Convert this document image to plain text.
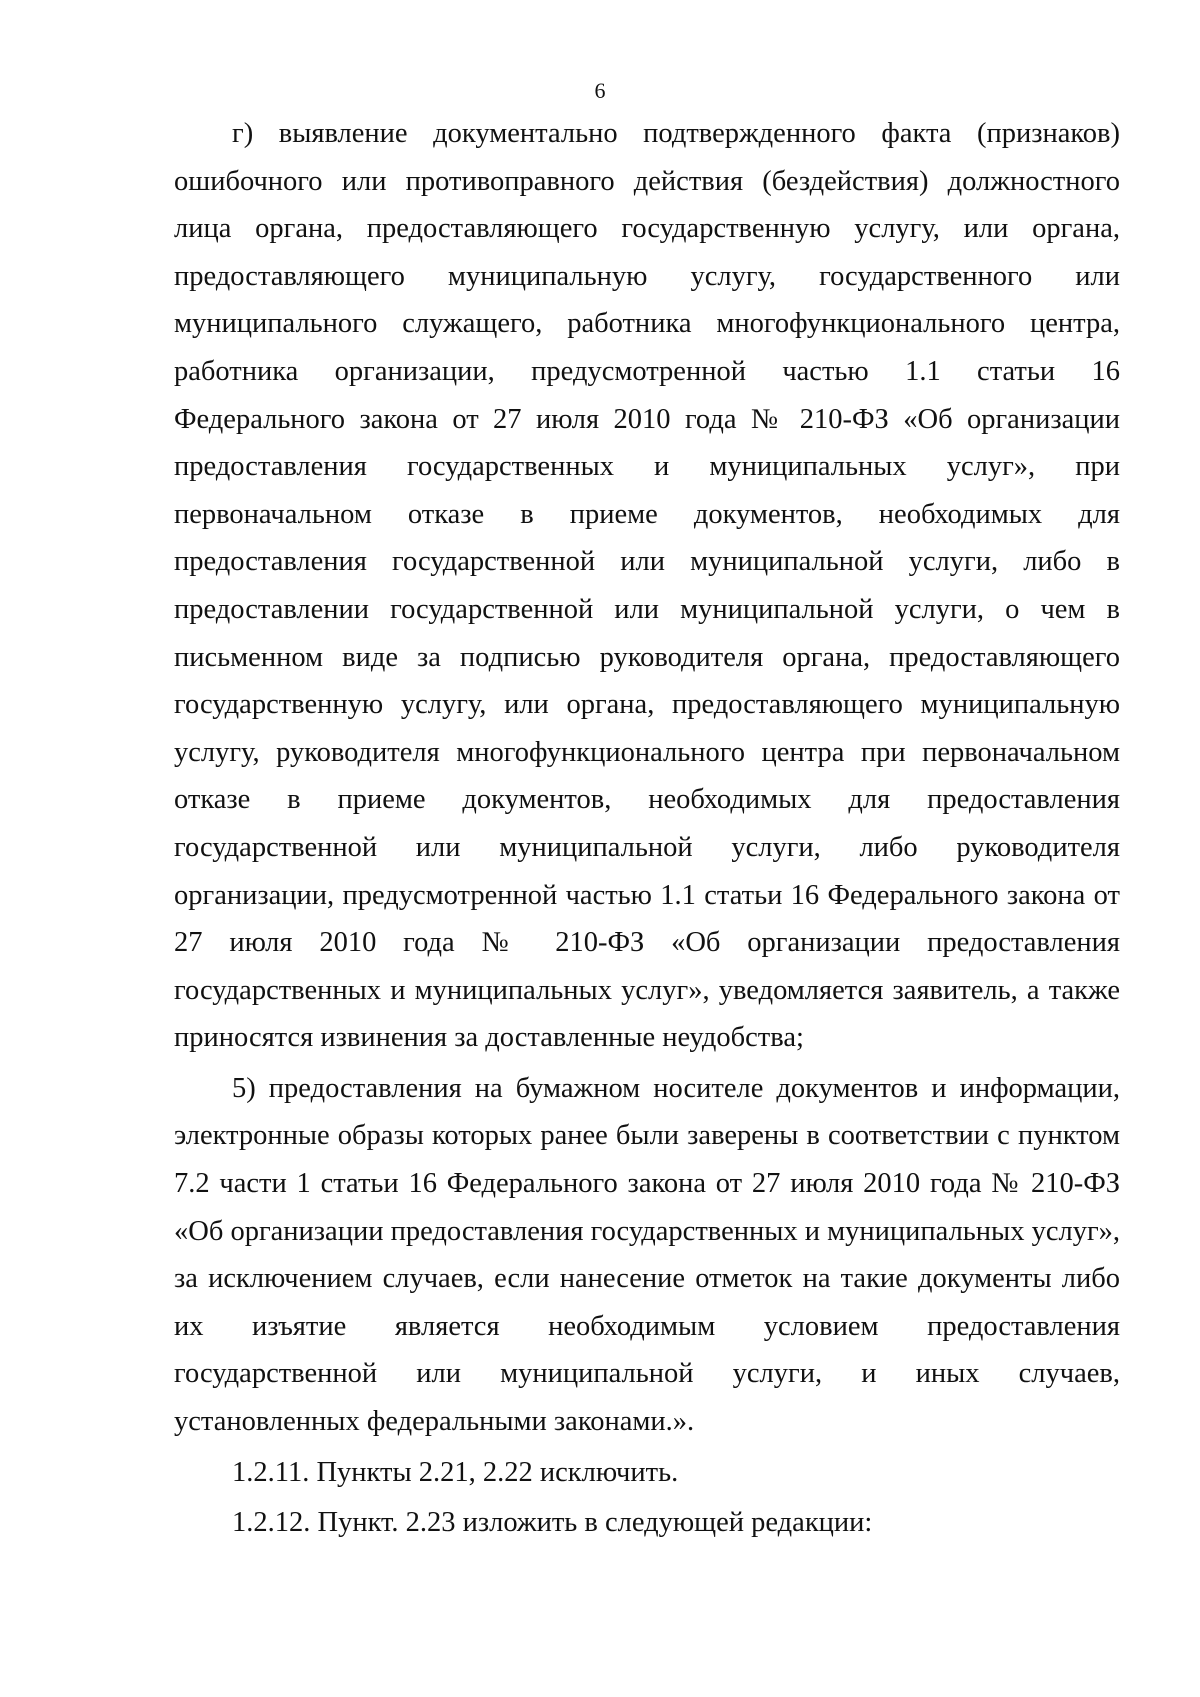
6

г) выявление документально подтвержденного факта (признаков) ошибочного или противоправного действия (бездействия) должностного лица органа, предоставляющего государственную услугу, или органа, предоставляющего муниципальную услугу, государственного или муниципального служащего, работника многофункционального центра, работника организации, предусмотренной частью 1.1 статьи 16 Федерального закона от 27 июля 2010 года № 210-ФЗ «Об организации предоставления государственных и муниципальных услуг», при первоначальном отказе в приеме документов, необходимых для предоставления государственной или муниципальной услуги, либо в предоставлении государственной или муниципальной услуги, о чем в письменном виде за подписью руководителя органа, предоставляющего государственную услугу, или органа, предоставляющего муниципальную услугу, руководителя многофункционального центра при первоначальном отказе в приеме документов, необходимых для предоставления государственной или муниципальной услуги, либо руководителя организации, предусмотренной частью 1.1 статьи 16 Федерального закона от 27 июля 2010 года № 210-ФЗ «Об организации предоставления государственных и муниципальных услуг», уведомляется заявитель, а также приносятся извинения за доставленные неудобства;

5) предоставления на бумажном носителе документов и информации, электронные образы которых ранее были заверены в соответствии с пунктом 7.2 части 1 статьи 16 Федерального закона от 27 июля 2010 года № 210-ФЗ «Об организации предоставления государственных и муниципальных услуг», за исключением случаев, если нанесение отметок на такие документы либо их изъятие является необходимым условием предоставления государственной или муниципальной услуги, и иных случаев, установленных федеральными законами.».

1.2.11. Пункты 2.21, 2.22 исключить.

1.2.12. Пункт. 2.23 изложить в следующей редакции:
